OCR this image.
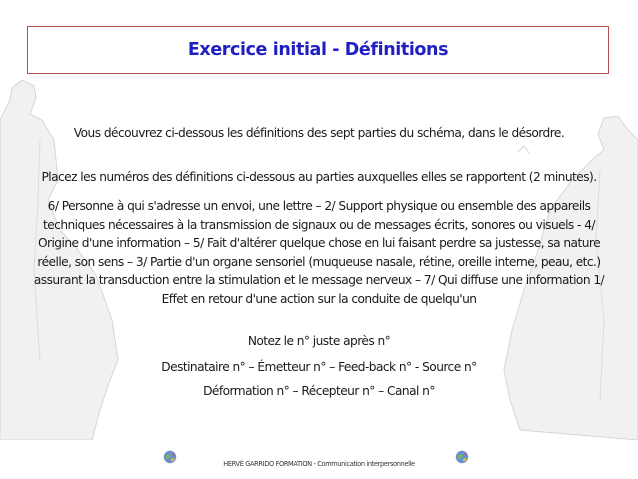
Exercice initial - Définitions
Vous découvrez ci-dessous les définitions des sept parties du schéma, dans le désordre.
Placez les numéros des définitions ci-dessous au parties auxquelles elles se rapportent (2 minutes).
6/ Personne à qui s'adresse un envoi, une lettre – 2/ Support physique ou ensemble des appareils
techniques nécessaires à la transmission de signaux ou de messages écrits, sonores ou visuels - 4/
Origine d'une information – 5/ Fait d'altérer quelque chose en lui faisant perdre sa justesse, sa nature
réelle, son sens – 3/ Partie d'un organe sensoriel (muqueuse nasale, rétine, oreille interne, peau, etc.)
assurant la transduction entre la stimulation et le message nerveux – 7/ Qui diffuse une information 1/
Effet en retour d'une action sur la conduite de quelqu'un
Notez le n° juste après n°
Destinataire n° – Émetteur n° – Feed-back n° - Source n°
Déformation n° – Récepteur n° – Canal n°
HERVÉ GARRIDO FORMATION - Communication interpersonnelle
